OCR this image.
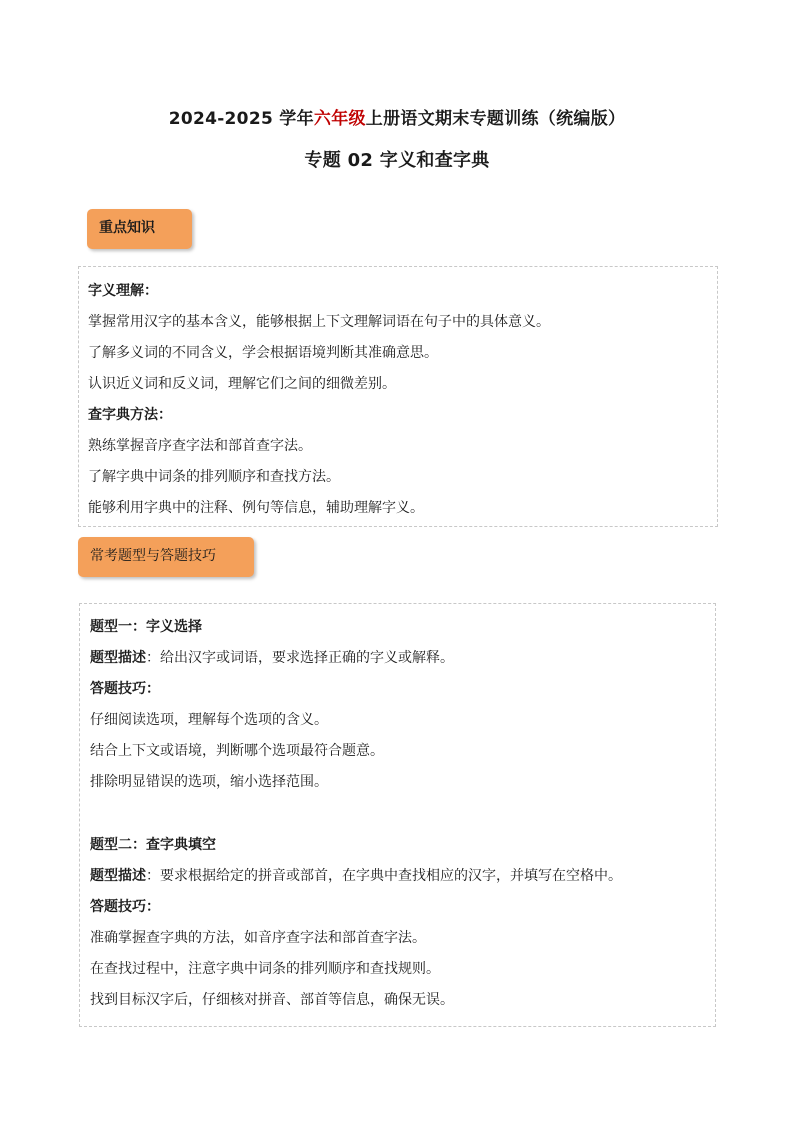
2024-2025 学年六年级上册语文期末专题训练（统编版）
专题 02 字义和查字典
重点知识
字义理解：
掌握常用汉字的基本含义，能够根据上下文理解词语在句子中的具体意义。
了解多义词的不同含义，学会根据语境判断其准确意思。
认识近义词和反义词，理解它们之间的细微差别。
查字典方法：
熟练掌握音序查字法和部首查字法。
了解字典中词条的排列顺序和查找方法。
能够利用字典中的注释、例句等信息，辅助理解字义。
常考题型与答题技巧
题型一：字义选择
题型描述：给出汉字或词语，要求选择正确的字义或解释。
答题技巧：
仔细阅读选项，理解每个选项的含义。
结合上下文或语境，判断哪个选项最符合题意。
排除明显错误的选项，缩小选择范围。
题型二：查字典填空
题型描述：要求根据给定的拼音或部首，在字典中查找相应的汉字，并填写在空格中。
答题技巧：
准确掌握查字典的方法，如音序查字法和部首查字法。
在查找过程中，注意字典中词条的排列顺序和查找规则。
找到目标汉字后，仔细核对拼音、部首等信息，确保无误。
